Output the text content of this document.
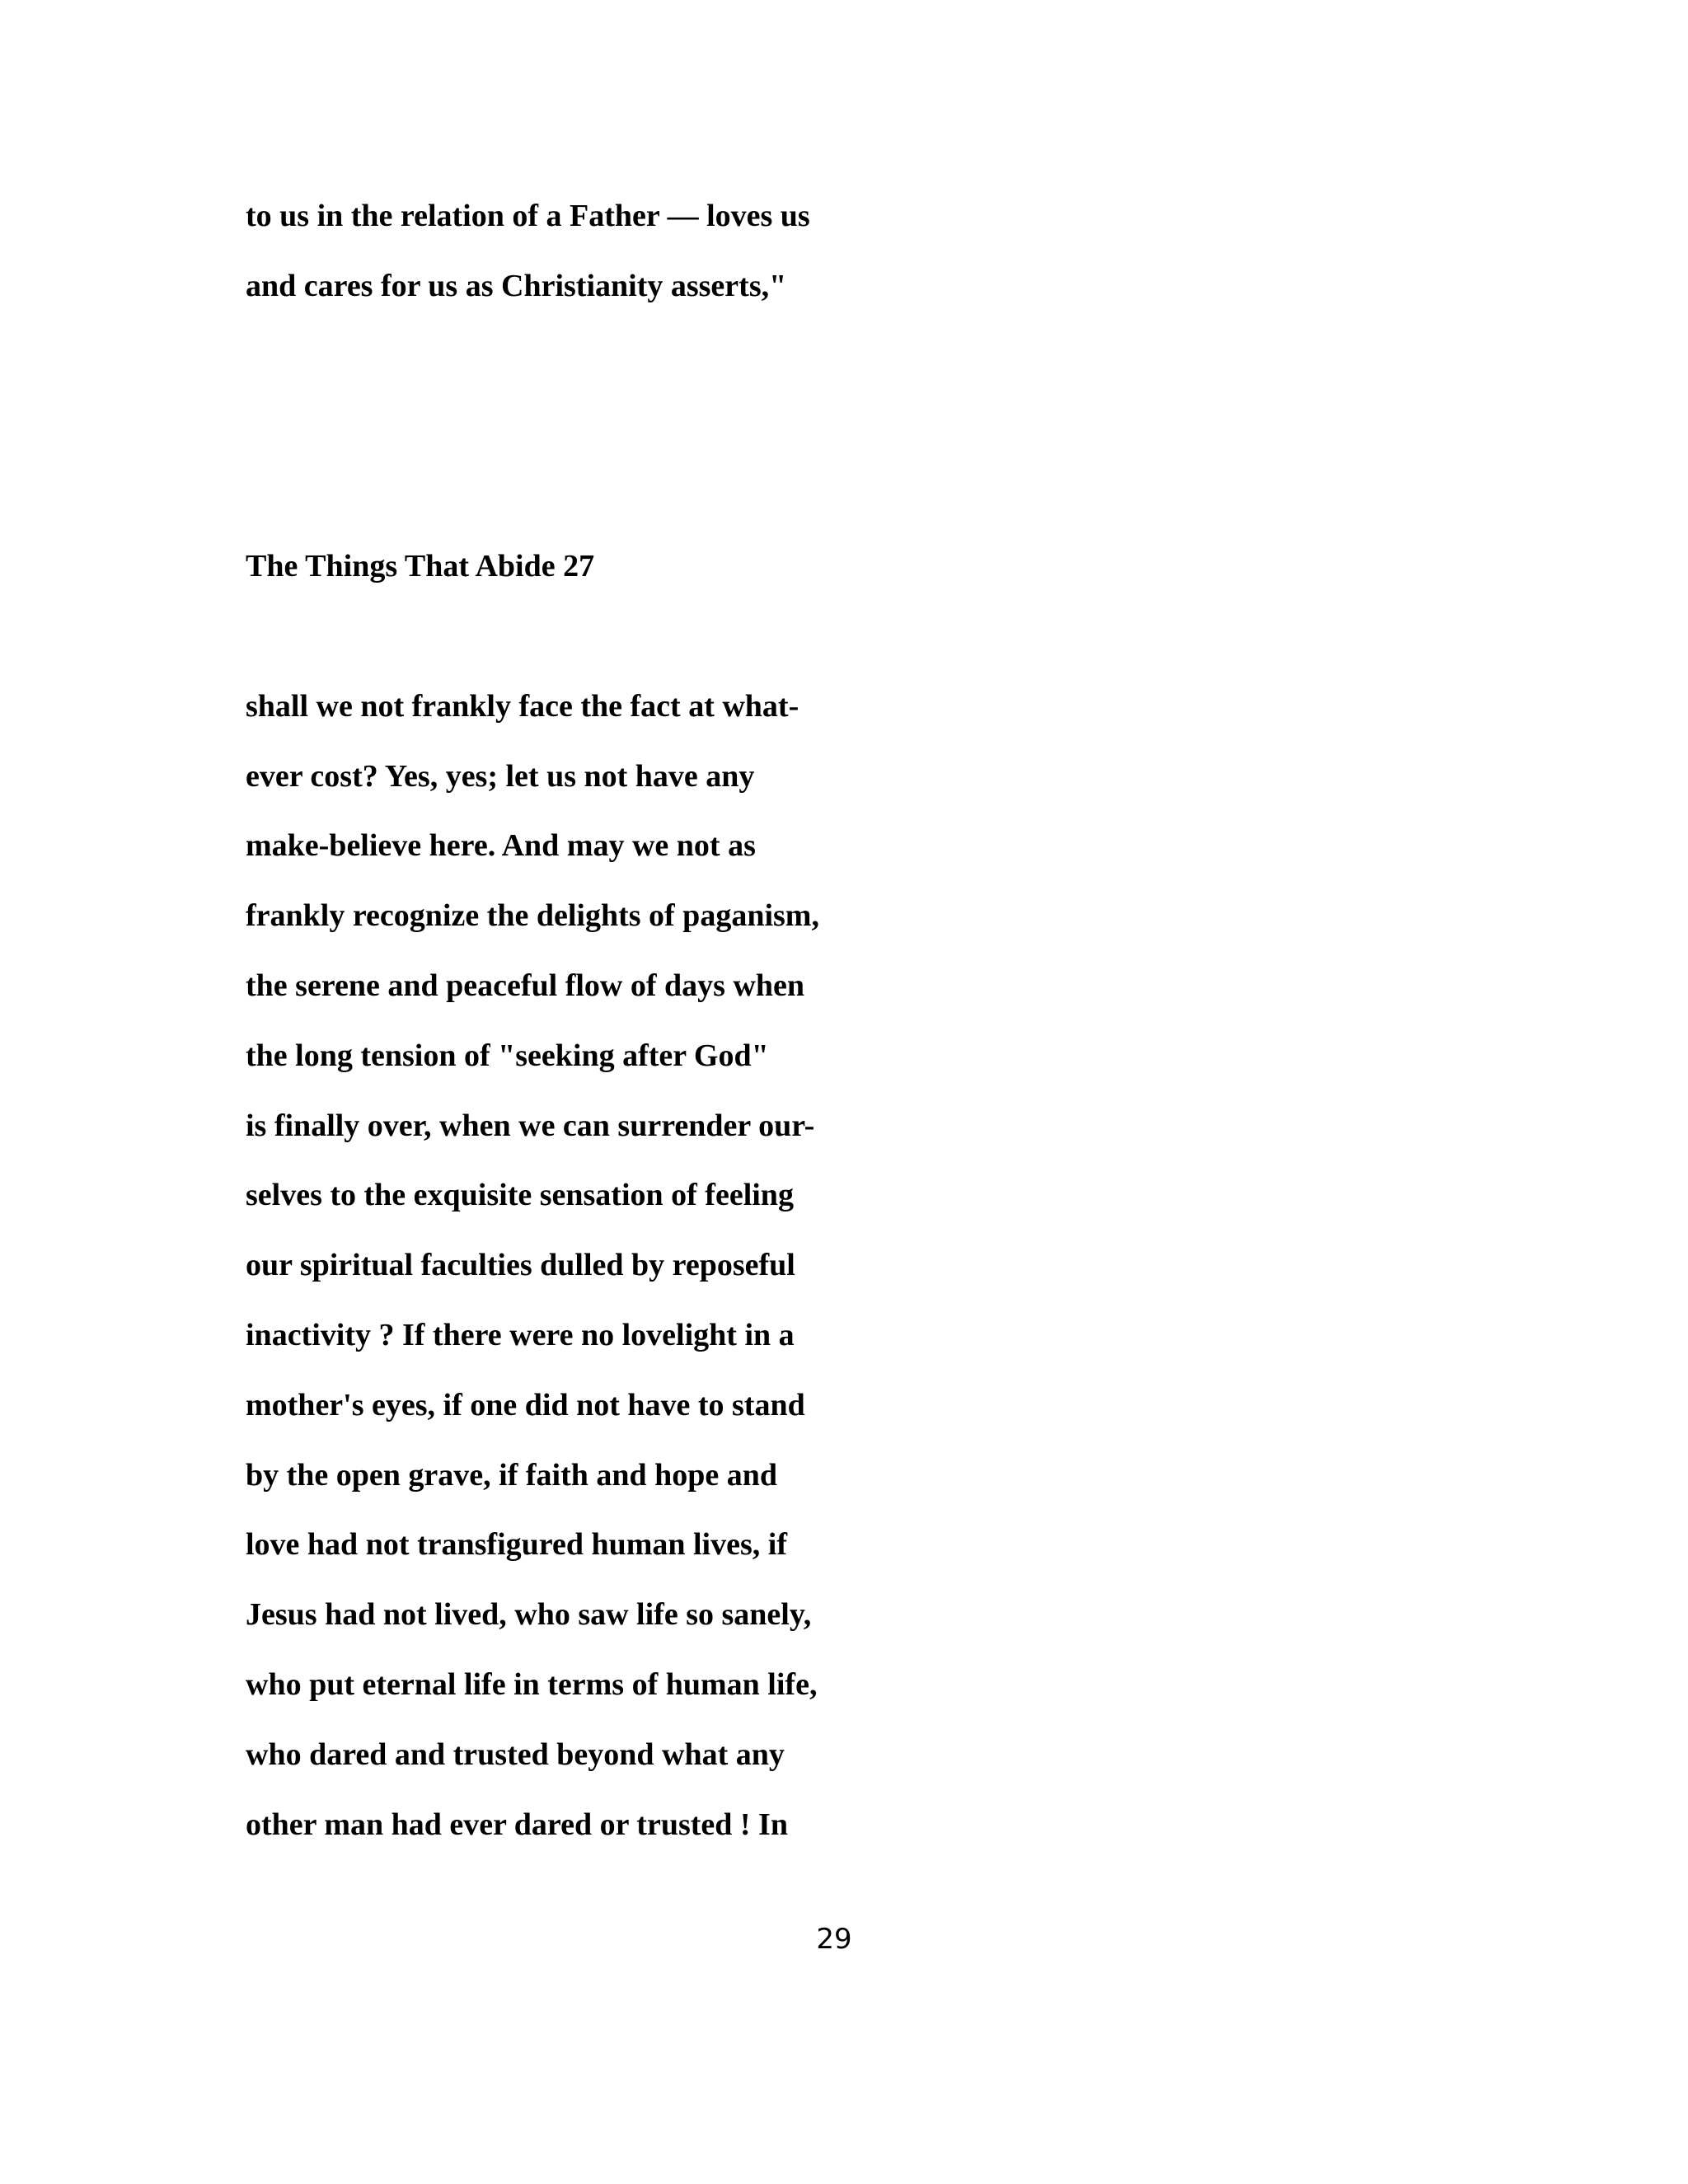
to us in the relation of a Father — loves us

and cares for us as Christianity asserts,"

The Things That Abide 27

shall we not frankly face the fact at what-

ever cost? Yes, yes; let us not have any

make-believe here. And may we not as

frankly recognize the delights of paganism,

the serene and peaceful flow of days when

the long tension of "seeking after God"

is finally over, when we can surrender our-

selves to the exquisite sensation of feeling

our spiritual faculties dulled by reposeful

inactivity ? If there were no lovelight in a

mother's eyes, if one did not have to stand

by the open grave, if faith and hope and

love had not transfigured human lives, if

Jesus had not lived, who saw life so sanely,

who put eternal life in terms of human life,

who dared and trusted beyond what any

other man had ever dared or trusted ! In

29
